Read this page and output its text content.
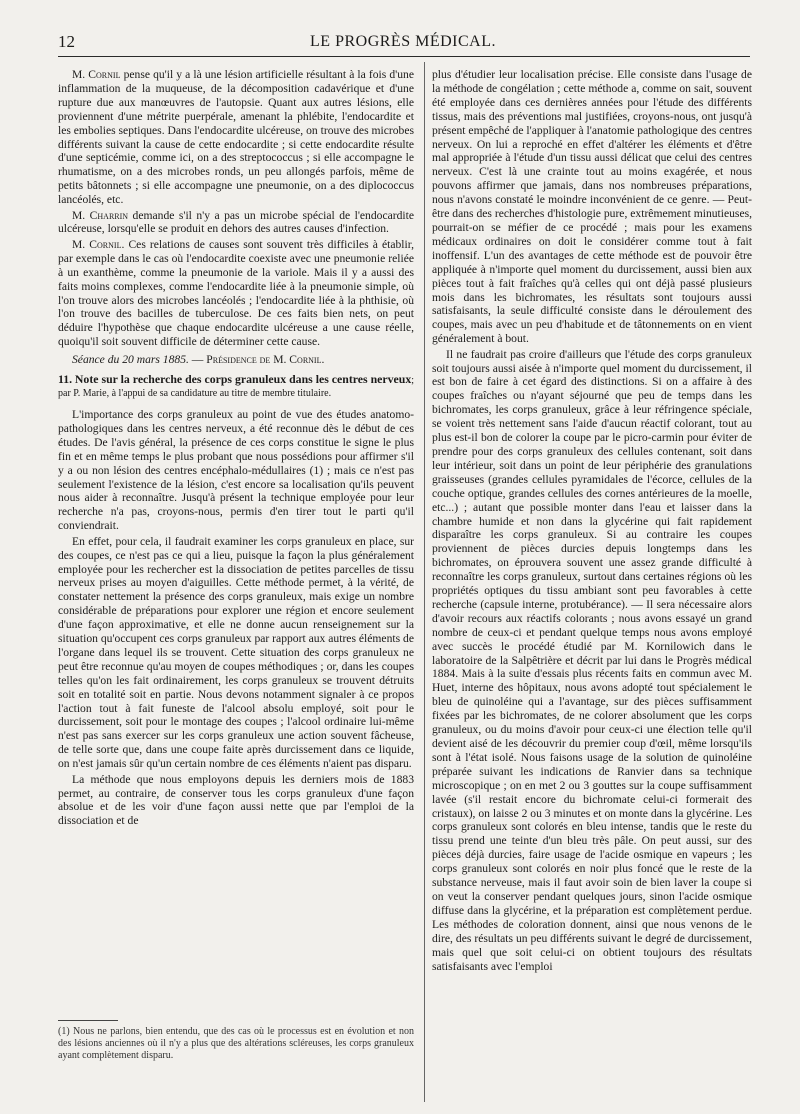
12	LE PROGRÈS MÉDICAL.

M. Cornil pense qu'il y a là une lésion artificielle résultant à la fois d'une inflammation de la muqueuse, de la décomposition cadavérique et d'une rupture due aux manœuvres de l'autopsie. Quant aux autres lésions, elle proviennent d'une métrite puerpérale, amenant la phlébite, l'endocardite et les embolies septiques. Dans l'endocardite ulcéreuse, on trouve des microbes différents suivant la cause de cette endocardite ; si cette endocardite résulte d'une septicémie, comme ici, on a des streptococcus ; si elle accompagne le rhumatisme, on a des microbes ronds, un peu allongés parfois, même de petits bâtonnets ; si elle accompagne une pneumonie, on a des diplococcus lancéolés, etc.

M. Charrin demande s'il n'y a pas un microbe spécial de l'endocardite ulcéreuse, lorsqu'elle se produit en dehors des autres causes d'infection.

M. Cornil. Ces relations de causes sont souvent très difficiles à établir, par exemple dans le cas où l'endocardite coexiste avec une pneumonie reliée à un exanthème, comme la pneumonie de la variole. Mais il y a aussi des faits moins complexes, comme l'endocardite liée à la pneumonie simple, où l'on trouve alors des microbes lancéolés ; l'endocardite liée à la phthisie, où l'on trouve des bacilles de tuberculose. De ces faits bien nets, on peut déduire l'hypothèse que chaque endocardite ulcéreuse a une cause réelle, quoiqu'il soit souvent difficile de déterminer cette cause.

Séance du 20 mars 1885. — Présidence de M. Cornil.

11. Note sur la recherche des corps granuleux dans les centres nerveux; par P. Marie, à l'appui de sa candidature au titre de membre titulaire.

L'importance des corps granuleux au point de vue des études anatomo-pathologiques dans les centres nerveux, a été reconnue dès le début de ces études. De l'avis général, la présence de ces corps constitue le signe le plus fin et en même temps le plus probant que nous possédions pour affirmer s'il y a ou non lésion des centres encéphalo-médullaires (1) ; mais ce n'est pas seulement l'existence de la lésion, c'est encore sa localisation qu'ils peuvent nous aider à reconnaître. Jusqu'à présent la technique employée pour leur recherche n'a pas, croyons-nous, permis d'en tirer tout le parti qu'il conviendrait.

En effet, pour cela, il faudrait examiner les corps granuleux en place, sur des coupes, ce n'est pas ce qui a lieu, puisque la façon la plus généralement employée pour les rechercher est la dissociation de petites parcelles de tissu nerveux prises au moyen d'aiguilles. Cette méthode permet, à la vérité, de constater nettement la présence des corps granuleux, mais exige un nombre considérable de préparations pour explorer une région et encore seulement d'une façon approximative, et elle ne donne aucun renseignement sur la situation qu'occupent ces corps granuleux par rapport aux autres éléments de l'organe dans lequel ils se trouvent. Cette situation des corps granuleux ne peut être reconnue qu'au moyen de coupes méthodiques ; or, dans les coupes telles qu'on les fait ordinairement, les corps granuleux se trouvent détruits soit en totalité soit en partie. Nous devons notamment signaler à ce propos l'action tout à fait funeste de l'alcool absolu employé, soit pour le durcissement, soit pour le montage des coupes ; l'alcool ordinaire lui-même n'est pas sans exercer sur les corps granuleux une action souvent fâcheuse, de telle sorte que, dans une coupe faite après durcissement dans ce liquide, on n'est jamais sûr qu'un certain nombre de ces éléments n'aient pas disparu.

La méthode que nous employons depuis les derniers mois de 1883 permet, au contraire, de conserver tous les corps granuleux d'une façon absolue et de les voir d'une façon aussi nette que par l'emploi de la dissociation et de

(1) Nous ne parlons, bien entendu, que des cas où le processus est en évolution et non des lésions anciennes où il n'y a plus que des altérations scléreuses, les corps granuleux ayant complètement disparu.

plus d'étudier leur localisation précise. Elle consiste dans l'usage de la méthode de congélation ; cette méthode a, comme on sait, souvent été employée dans ces dernières années pour l'étude des différents tissus, mais des préventions mal justifiées, croyons-nous, ont jusqu'à présent empêché de l'appliquer à l'anatomie pathologique des centres nerveux. On lui a reproché en effet d'altérer les éléments et d'être mal appropriée à l'étude d'un tissu aussi délicat que celui des centres nerveux. C'est là une crainte tout au moins exagérée, et nous pouvons affirmer que jamais, dans nos nombreuses préparations, nous n'avons constaté le moindre inconvénient de ce genre. — Peut-être dans des recherches d'histologie pure, extrêmement minutieuses, pourrait-on se méfier de ce procédé ; mais pour les examens médicaux ordinaires on doit le considérer comme tout à fait inoffensif. L'un des avantages de cette méthode est de pouvoir être appliquée à n'importe quel moment du durcissement, aussi bien aux pièces tout à fait fraîches qu'à celles qui ont déjà passé plusieurs mois dans les bichromates, les résultats sont toujours aussi satisfaisants, la seule difficulté consiste dans le déroulement des coupes, mais avec un peu d'habitude et de tâtonnements on en vient généralement à bout.

Il ne faudrait pas croire d'ailleurs que l'étude des corps granuleux soit toujours aussi aisée à n'importe quel moment du durcissement, il est bon de faire à cet égard des distinctions. Si on a affaire à des coupes fraîches ou n'ayant séjourné que peu de temps dans les bichromates, les corps granuleux, grâce à leur réfringence spéciale, se voient très nettement sans l'aide d'aucun réactif colorant, tout au plus est-il bon de colorer la coupe par le picro-carmin pour éviter de prendre pour des corps granuleux des cellules contenant, soit dans leur intérieur, soit dans un point de leur périphérie des granulations graisseuses (grandes cellules pyramidales de l'écorce, cellules de la couche optique, grandes cellules des cornes antérieures de la moelle, etc...) ; autant que possible monter dans l'eau et laisser dans la chambre humide et non dans la glycérine qui fait rapidement disparaître les corps granuleux. Si au contraire les coupes proviennent de pièces durcies depuis longtemps dans les bichromates, on éprouvera souvent une assez grande difficulté à reconnaître les corps granuleux, surtout dans certaines régions où les propriétés optiques du tissu ambiant sont peu favorables à cette recherche (capsule interne, protubérance). — Il sera nécessaire alors d'avoir recours aux réactifs colorants ; nous avons essayé un grand nombre de ceux-ci et pendant quelque temps nous avons employé avec succès le procédé étudié par M. Kornilowich dans le laboratoire de la Salpêtrière et décrit par lui dans le Progrès médical 1884. Mais à la suite d'essais plus récents faits en commun avec M. Huet, interne des hôpitaux, nous avons adopté tout spécialement le bleu de quinoléine qui a l'avantage, sur des pièces suffisamment fixées par les bichromates, de ne colorer absolument que les corps granuleux, ou du moins d'avoir pour ceux-ci une élection telle qu'il devient aisé de les découvrir du premier coup d'œil, même lorsqu'ils sont à l'état isolé. Nous faisons usage de la solution de quinoléine préparée suivant les indications de Ranvier dans sa technique microscopique ; on en met 2 ou 3 gouttes sur la coupe suffisamment lavée (s'il restait encore du bichromate celui-ci formerait des cristaux), on laisse 2 ou 3 minutes et on monte dans la glycérine. Les corps granuleux sont colorés en bleu intense, tandis que le reste du tissu prend une teinte d'un bleu très pâle. On peut aussi, sur des pièces déjà durcies, faire usage de l'acide osmique en vapeurs ; les corps granuleux sont colorés en noir plus foncé que le reste de la substance nerveuse, mais il faut avoir soin de bien laver la coupe si on veut la conserver pendant quelques jours, sinon l'acide osmique diffuse dans la glycérine, et la préparation est complètement perdue. Les méthodes de coloration donnent, ainsi que nous venons de le dire, des résultats un peu différents suivant le degré de durcissement, mais quel que soit celui-ci on obtient toujours des résultats satisfaisants avec l'emploi
